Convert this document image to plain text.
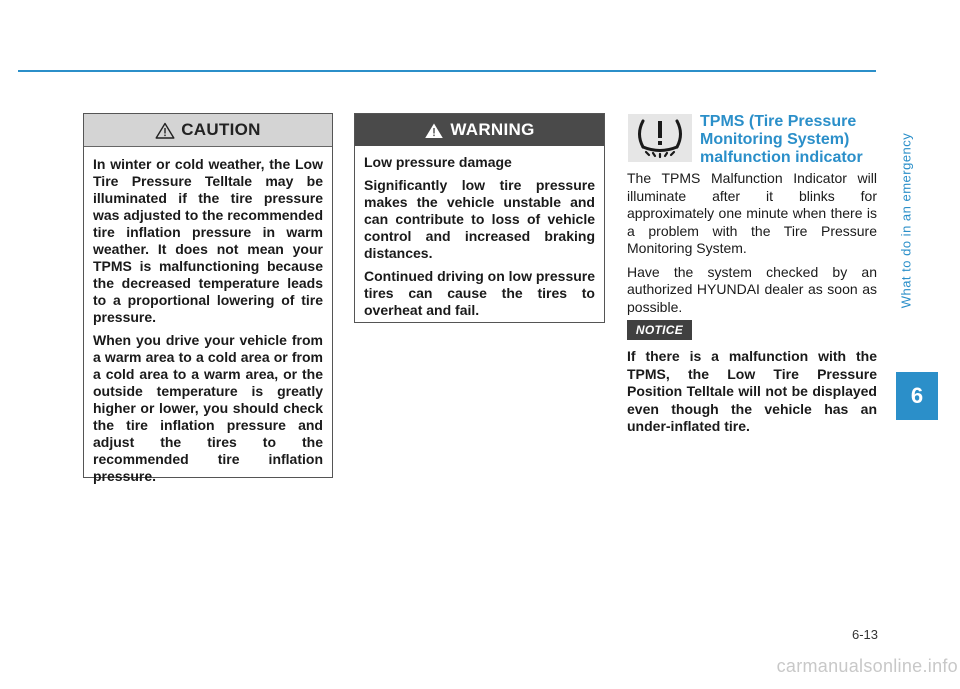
CAUTION

In winter or cold weather, the Low Tire Pressure Telltale may be illuminated if the tire pressure was adjusted to the recommended tire inflation pressure in warm weather. It does not mean your TPMS is malfunctioning because the decreased temperature leads to a proportional lowering of tire pressure.

When you drive your vehicle from a warm area to a cold area or from a cold area to a warm area, or the outside temperature is greatly higher or lower, you should check the tire inflation pressure and adjust the tires to the recommended tire inflation pressure.

WARNING

Low pressure damage

Significantly low tire pressure makes the vehicle unstable and can contribute to loss of vehicle control and increased braking distances.

Continued driving on low pressure tires can cause the tires to overheat and fail.

TPMS (Tire Pressure Monitoring System) malfunction indicator

The TPMS Malfunction Indicator will illuminate after it blinks for approximately one minute when there is a problem with the Tire Pressure Monitoring System.

Have the system checked by an authorized HYUNDAI dealer as soon as possible.

NOTICE

If there is a malfunction with the TPMS, the Low Tire Pressure Position Telltale will not be displayed even though the vehicle has an under-inflated tire.

What to do in an emergency
6
6-13
carmanualsonline.info
